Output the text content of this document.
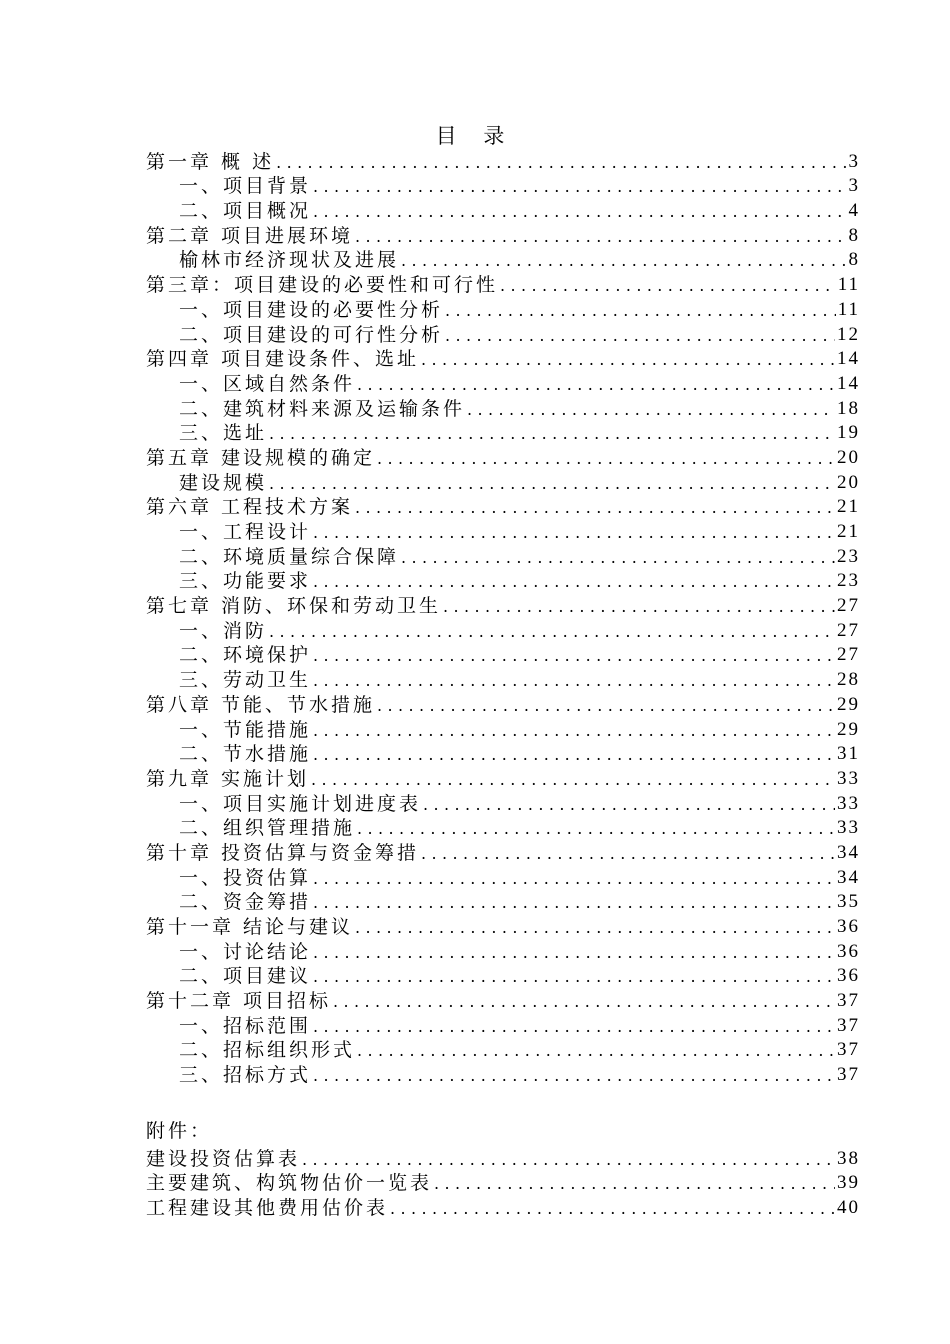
目 录
第一章 概 述 .....	3
一、项目背景 .....	3
二、项目概况 .....	4
第二章 项目进展环境 .....	8
榆林市经济现状及进展 .....	8
第三章：项目建设的必要性和可行性 .....	11
一、项目建设的必要性分析 .....	11
二、项目建设的可行性分析 .....	12
第四章 项目建设条件、选址 .....	14
一、区域自然条件 .....	14
二、建筑材料来源及运输条件 .....	18
三、选址 .....	19
第五章 建设规模的确定 .....	20
建设规模 .....	20
第六章 工程技术方案 .....	21
一、工程设计 .....	21
二、环境质量综合保障 .....	23
三、功能要求 .....	23
第七章 消防、环保和劳动卫生 .....	27
一、消防 .....	27
二、环境保护 .....	27
三、劳动卫生 .....	28
第八章 节能、节水措施 .....	29
一、节能措施 .....	29
二、节水措施 .....	31
第九章 实施计划 .....	33
一、项目实施计划进度表 .....	33
二、组织管理措施 .....	33
第十章 投资估算与资金筹措 .....	34
一、投资估算 .....	34
二、资金筹措 .....	35
第十一章 结论与建议 .....	36
一、讨论结论 .....	36
二、项目建议 .....	36
第十二章 项目招标 .....	37
一、招标范围 .....	37
二、招标组织形式 .....	37
三、招标方式 .....	37
附件：
建设投资估算表 .....	38
主要建筑、构筑物估价一览表 .....	39
工程建设其他费用估价表 .....	40
